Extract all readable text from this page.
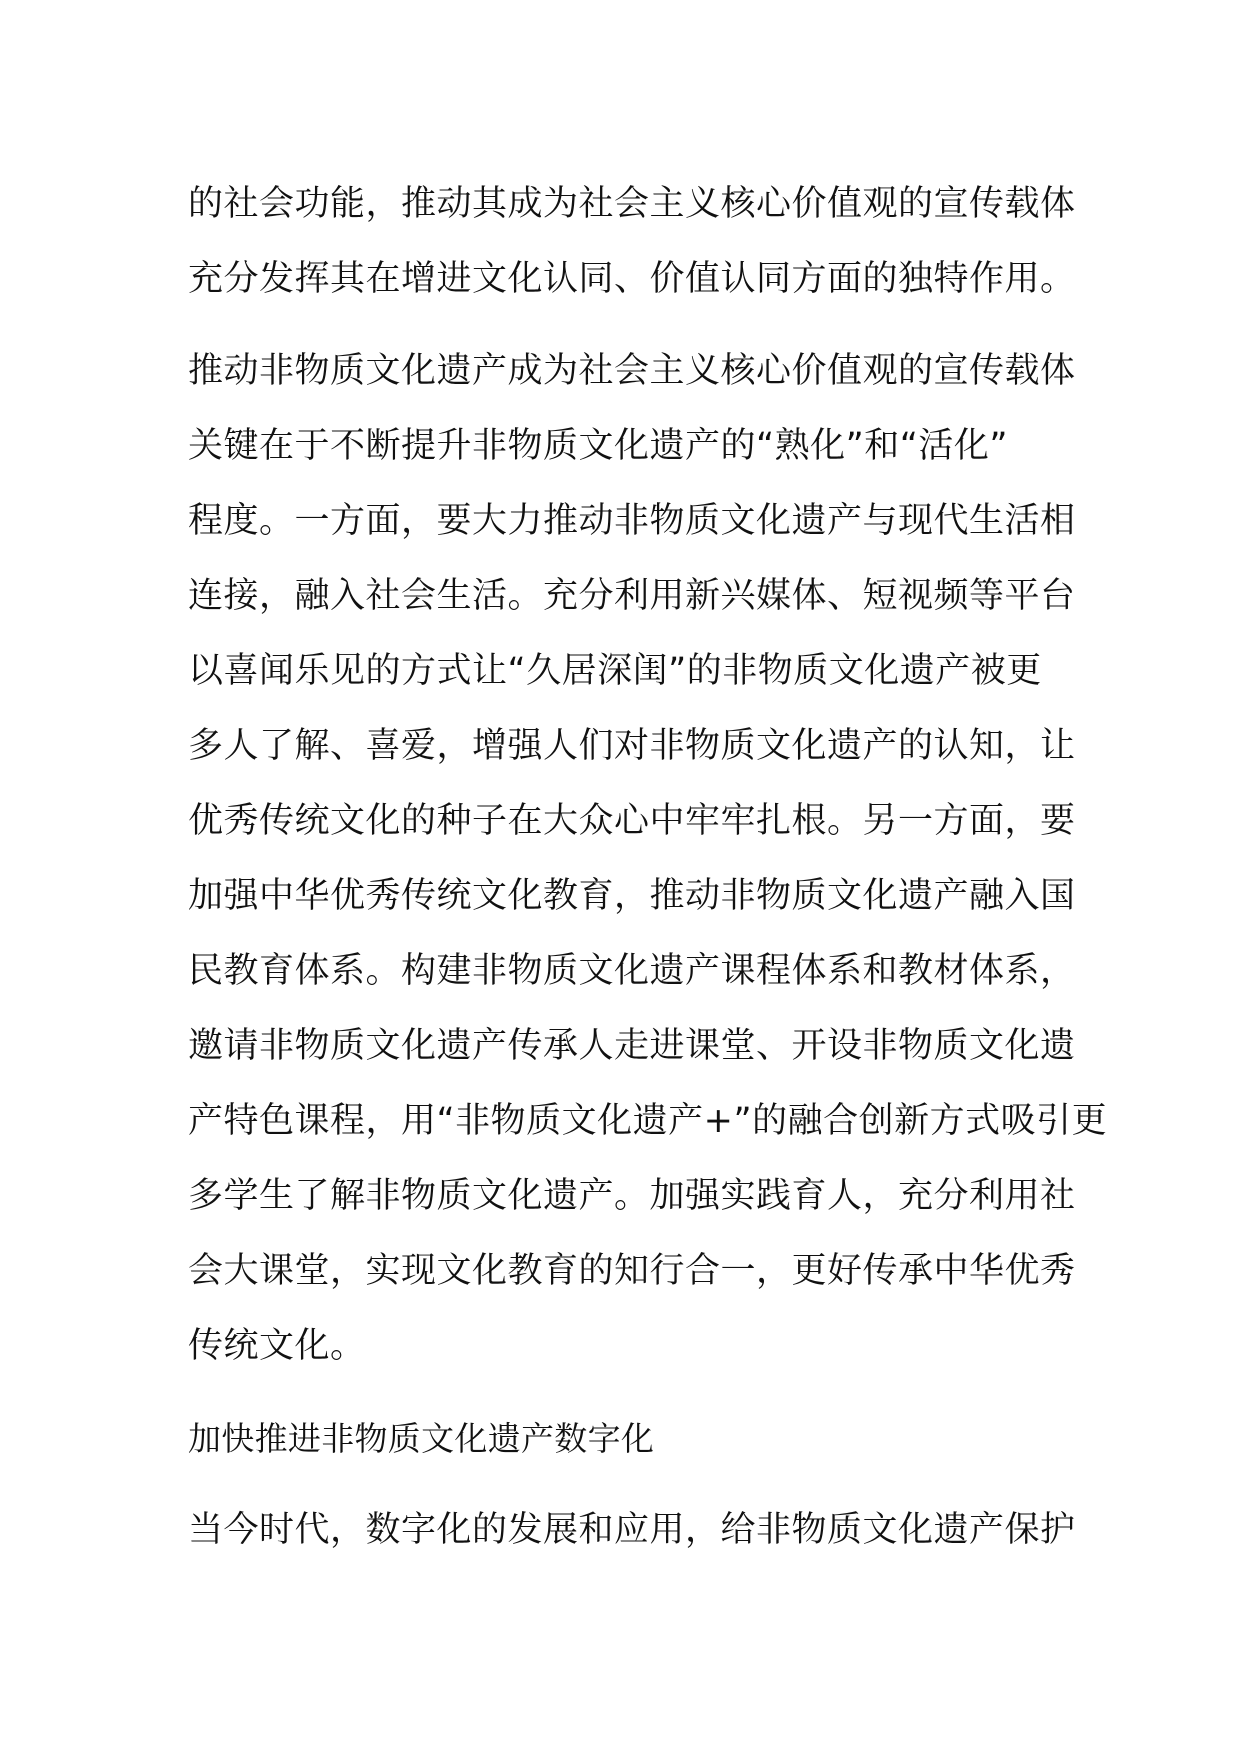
的社会功能，推动其成为社会主义核心价值观的宣传载体
充分发挥其在增进文化认同、价值认同方面的独特作用。
推动非物质文化遗产成为社会主义核心价值观的宣传载体
关键在于不断提升非物质文化遗产的“熟化”和“活化”
程度。一方面，要大力推动非物质文化遗产与现代生活相
连接，融入社会生活。充分利用新兴媒体、短视频等平台
以喜闻乐见的方式让“久居深闺”的非物质文化遗产被更
多人了解、喜爱，增强人们对非物质文化遗产的认知，让
优秀传统文化的种子在大众心中牢牢扎根。另一方面，要
加强中华优秀传统文化教育，推动非物质文化遗产融入国
民教育体系。构建非物质文化遗产课程体系和教材体系，
邀请非物质文化遗产传承人走进课堂、开设非物质文化遗
产特色课程，用“非物质文化遗产+”的融合创新方式吸引更
多学生了解非物质文化遗产。加强实践育人，充分利用社
会大课堂，实现文化教育的知行合一，更好传承中华优秀
传统文化。
加快推进非物质文化遗产数字化
当今时代，数字化的发展和应用，给非物质文化遗产保护
